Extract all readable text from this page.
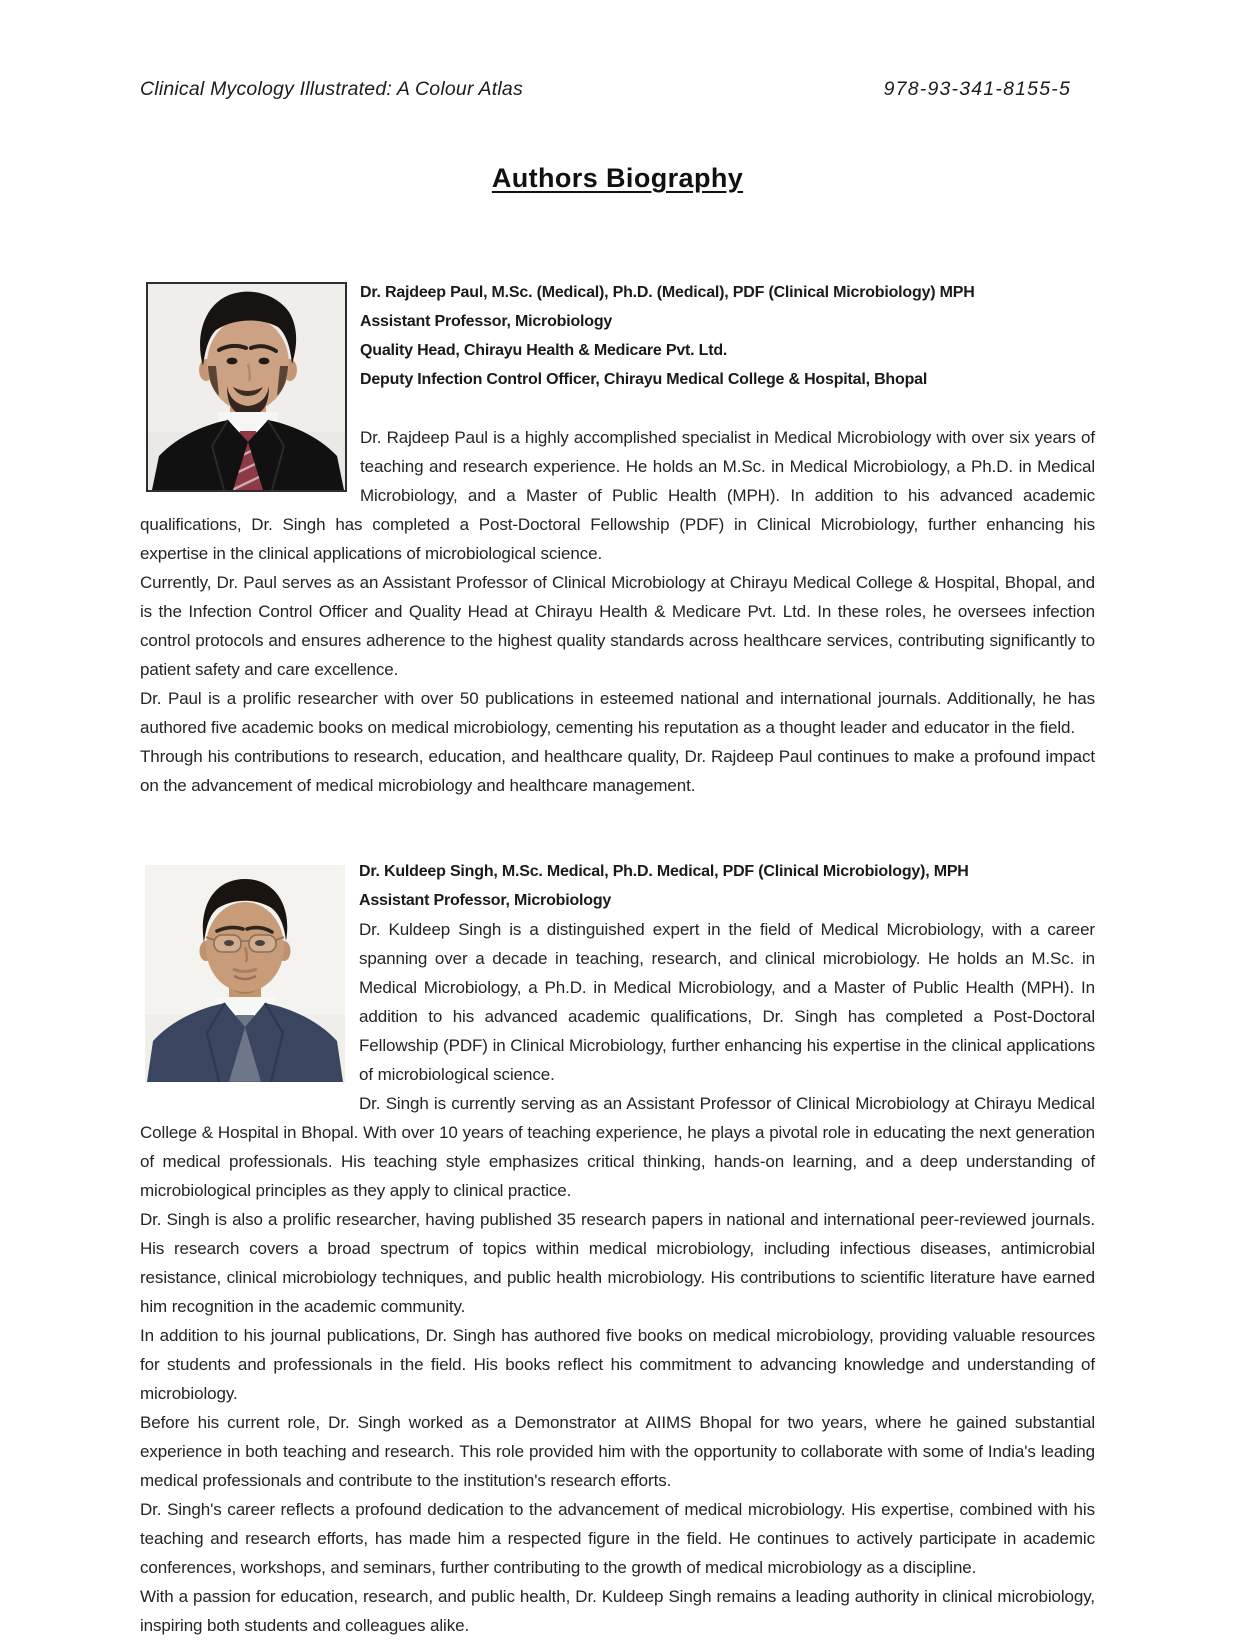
Clinical Mycology Illustrated: A Colour Atlas	978-93-341-8155-5
Authors Biography
Dr. Rajdeep Paul, M.Sc. (Medical), Ph.D. (Medical), PDF (Clinical Microbiology) MPH
Assistant Professor, Microbiology
Quality Head, Chirayu Health & Medicare Pvt. Ltd.
Deputy Infection Control Officer, Chirayu Medical College & Hospital, Bhopal

Dr. Rajdeep Paul is a highly accomplished specialist in Medical Microbiology with over six years of teaching and research experience. He holds an M.Sc. in Medical Microbiology, a Ph.D. in Medical Microbiology, and a Master of Public Health (MPH). In addition to his advanced academic qualifications, Dr. Singh has completed a Post-Doctoral Fellowship (PDF) in Clinical Microbiology, further enhancing his expertise in the clinical applications of microbiological science.

Currently, Dr. Paul serves as an Assistant Professor of Clinical Microbiology at Chirayu Medical College & Hospital, Bhopal, and is the Infection Control Officer and Quality Head at Chirayu Health & Medicare Pvt. Ltd. In these roles, he oversees infection control protocols and ensures adherence to the highest quality standards across healthcare services, contributing significantly to patient safety and care excellence.

Dr. Paul is a prolific researcher with over 50 publications in esteemed national and international journals. Additionally, he has authored five academic books on medical microbiology, cementing his reputation as a thought leader and educator in the field.

Through his contributions to research, education, and healthcare quality, Dr. Rajdeep Paul continues to make a profound impact on the advancement of medical microbiology and healthcare management.

Dr. Kuldeep Singh, M.Sc. Medical, Ph.D. Medical, PDF (Clinical Microbiology), MPH
Assistant Professor, Microbiology

Dr. Kuldeep Singh is a distinguished expert in the field of Medical Microbiology, with a career spanning over a decade in teaching, research, and clinical microbiology. He holds an M.Sc. in Medical Microbiology, a Ph.D. in Medical Microbiology, and a Master of Public Health (MPH). In addition to his advanced academic qualifications, Dr. Singh has completed a Post-Doctoral Fellowship (PDF) in Clinical Microbiology, further enhancing his expertise in the clinical applications of microbiological science.

Dr. Singh is currently serving as an Assistant Professor of Clinical Microbiology at Chirayu Medical College & Hospital in Bhopal. With over 10 years of teaching experience, he plays a pivotal role in educating the next generation of medical professionals. His teaching style emphasizes critical thinking, hands-on learning, and a deep understanding of microbiological principles as they apply to clinical practice.

Dr. Singh is also a prolific researcher, having published 35 research papers in national and international peer-reviewed journals. His research covers a broad spectrum of topics within medical microbiology, including infectious diseases, antimicrobial resistance, clinical microbiology techniques, and public health microbiology. His contributions to scientific literature have earned him recognition in the academic community.

In addition to his journal publications, Dr. Singh has authored five books on medical microbiology, providing valuable resources for students and professionals in the field. His books reflect his commitment to advancing knowledge and understanding of microbiology.

Before his current role, Dr. Singh worked as a Demonstrator at AIIMS Bhopal for two years, where he gained substantial experience in both teaching and research. This role provided him with the opportunity to collaborate with some of India's leading medical professionals and contribute to the institution's research efforts.

Dr. Singh's career reflects a profound dedication to the advancement of medical microbiology. His expertise, combined with his teaching and research efforts, has made him a respected figure in the field. He continues to actively participate in academic conferences, workshops, and seminars, further contributing to the growth of medical microbiology as a discipline.

With a passion for education, research, and public health, Dr. Kuldeep Singh remains a leading authority in clinical microbiology, inspiring both students and colleagues alike.
